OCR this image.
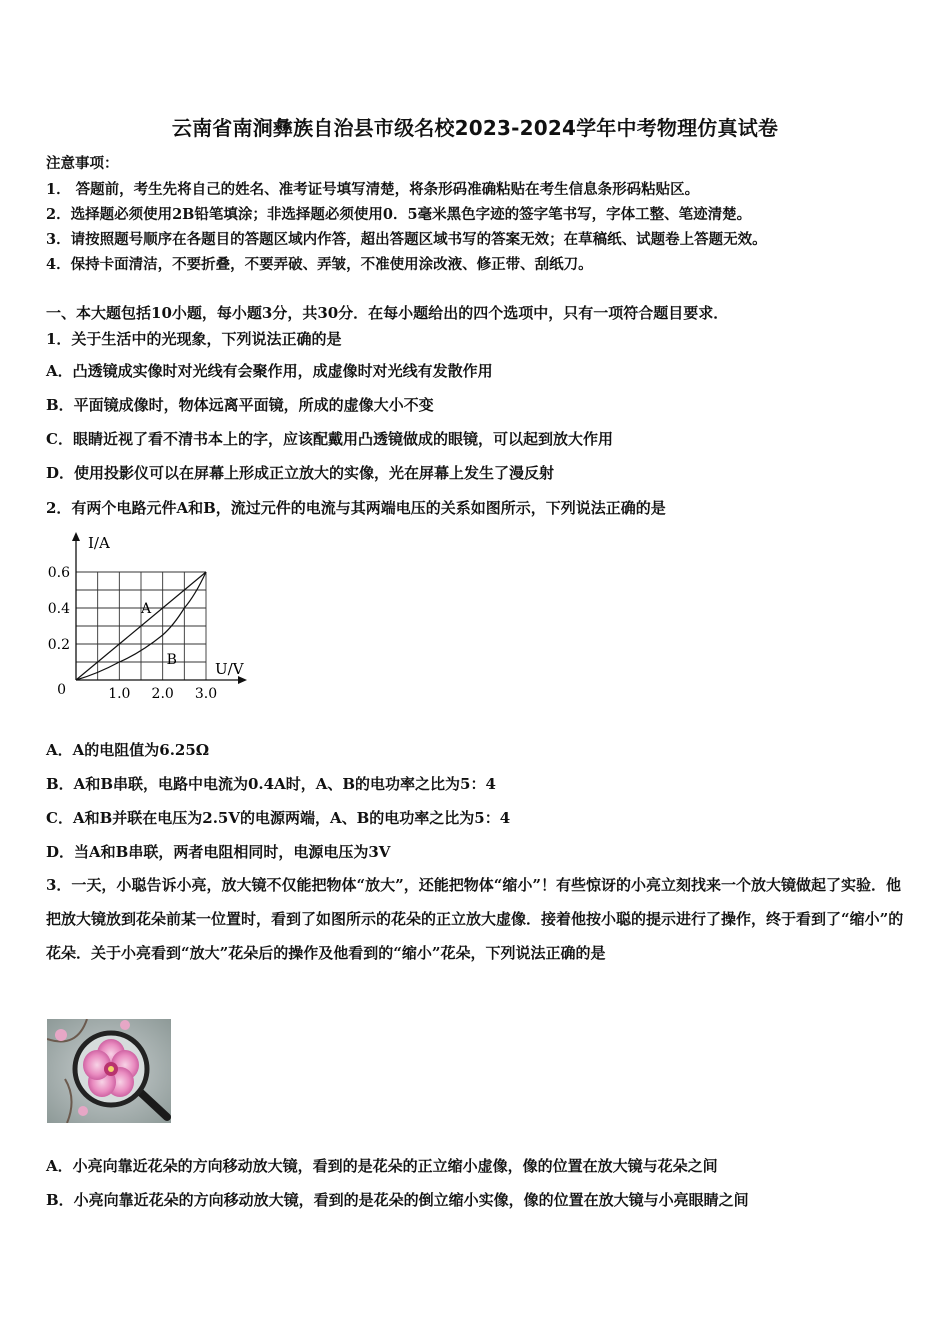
云南省南涧彝族自治县市级名校2023-2024学年中考物理仿真试卷
注意事项：
1． 答题前，考生先将自己的姓名、准考证号填写清楚，将条形码准确粘贴在考生信息条形码粘贴区。
2．选择题必须使用2B铅笔填涂；非选择题必须使用0．5毫米黑色字迹的签字笔书写，字体工整、笔迹清楚。
3．请按照题号顺序在各题目的答题区域内作答，超出答题区域书写的答案无效；在草稿纸、试题卷上答题无效。
4．保持卡面清洁，不要折叠，不要弄破、弄皱，不准使用涂改液、修正带、刮纸刀。
一、本大题包括10小题，每小题3分，共30分．在每小题给出的四个选项中，只有一项符合题目要求．
1．关于生活中的光现象，下列说法正确的是
A．凸透镜成实像时对光线有会聚作用，成虚像时对光线有发散作用
B．平面镜成像时，物体远离平面镜，所成的虚像大小不变
C．眼睛近视了看不清书本上的字，应该配戴用凸透镜做成的眼镜，可以起到放大作用
D．使用投影仪可以在屏幕上形成正立放大的实像，光在屏幕上发生了漫反射
2．有两个电路元件A和B，流过元件的电流与其两端电压的关系如图所示，下列说法正确的是
A
B
I/A
U/V
0.2
0.4
0.6
1.0 2.0 3.0
0
A．A的电阻值为6.25Ω
B．A和B串联，电路中电流为0.4A时，A、B的电功率之比为5：4
C．A和B并联在电压为2.5V的电源两端，A、B的电功率之比为5：4
D．当A和B串联，两者电阻相同时，电源电压为3V
3．一天，小聪告诉小亮，放大镜不仅能把物体“放大”，还能把物体“缩小”！有些惊讶的小亮立刻找来一个放大镜做起了实验．他把放大镜放到花朵前某一位置时，看到了如图所示的花朵的正立放大虚像．接着他按小聪的提示进行了操作，终于看到了“缩小”的花朵．关于小亮看到“放大”花朵后的操作及他看到的“缩小”花朵，下列说法正确的是
A．小亮向靠近花朵的方向移动放大镜，看到的是花朵的正立缩小虚像，像的位置在放大镜与花朵之间
B．小亮向靠近花朵的方向移动放大镜，看到的是花朵的倒立缩小实像，像的位置在放大镜与小亮眼睛之间
